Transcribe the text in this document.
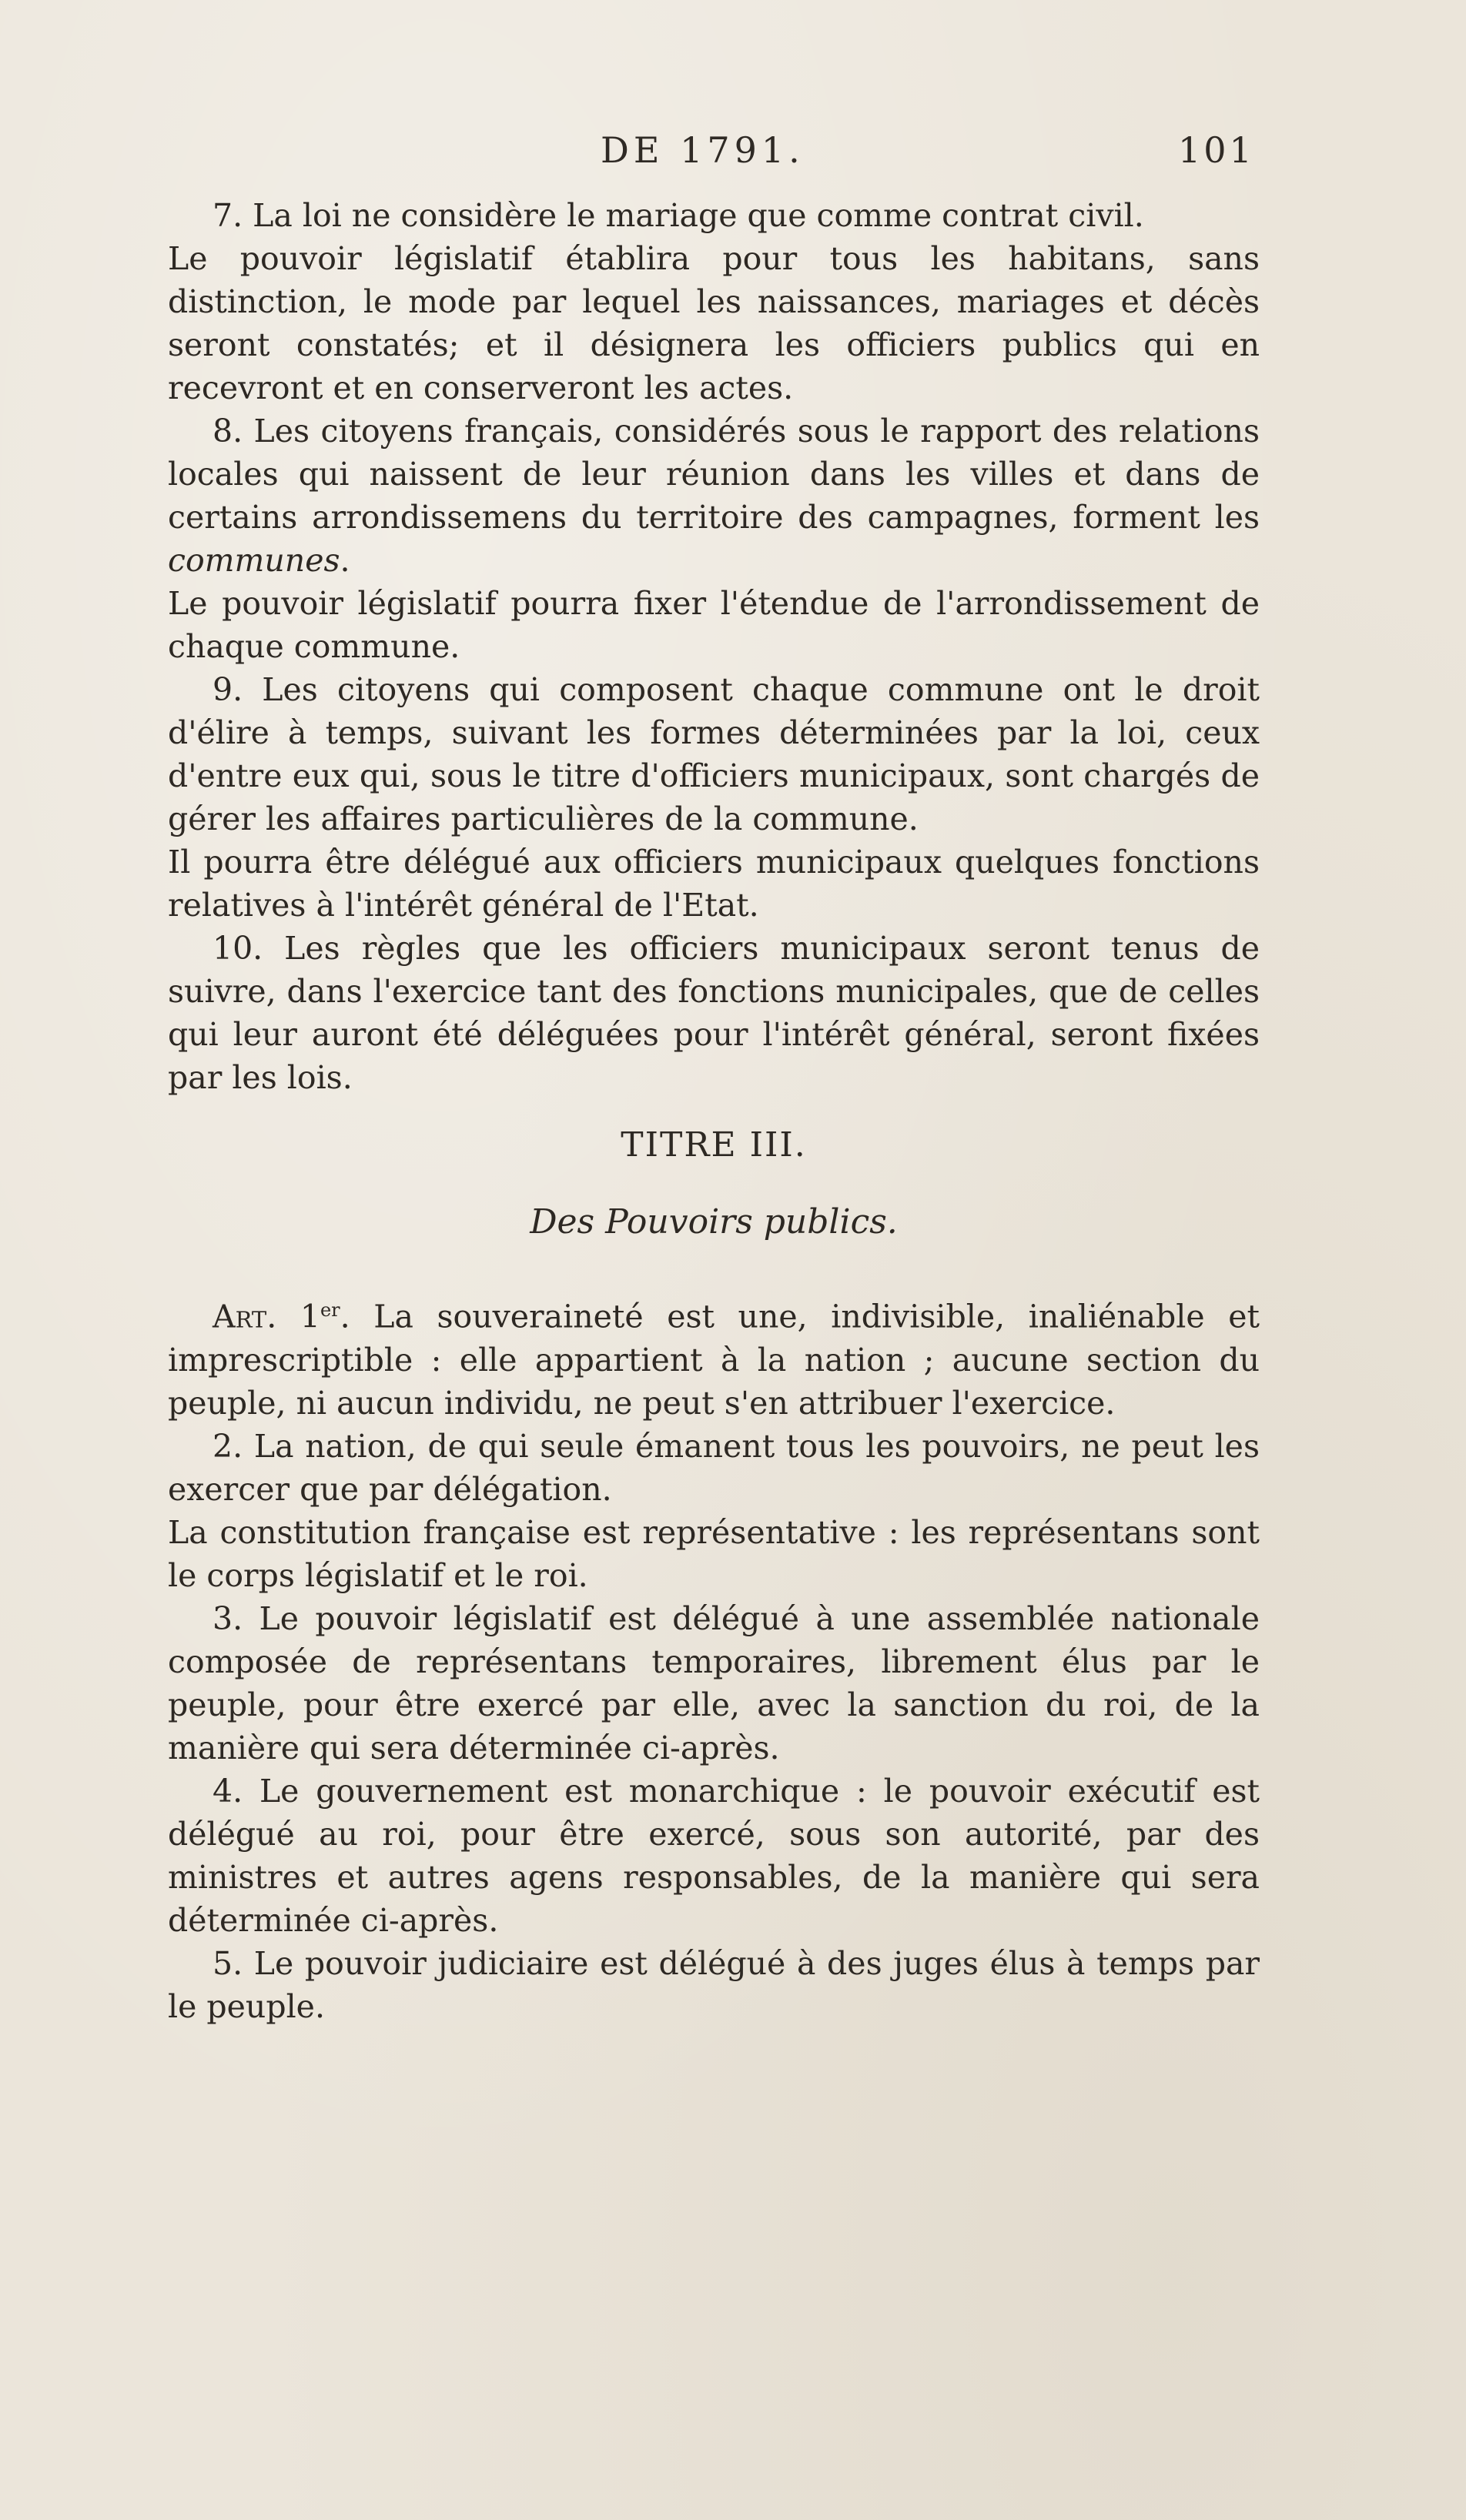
DE 1791.	101

7. La loi ne considère le mariage que comme contrat civil.

Le pouvoir législatif établira pour tous les habitans, sans distinction, le mode par lequel les naissances, mariages et décès seront constatés; et il désignera les officiers publics qui en recevront et en conserveront les actes.

8. Les citoyens français, considérés sous le rapport des relations locales qui naissent de leur réunion dans les villes et dans de certains arrondissemens du territoire des campagnes, forment les communes.

Le pouvoir législatif pourra fixer l'étendue de l'arrondissement de chaque commune.

9. Les citoyens qui composent chaque commune ont le droit d'élire à temps, suivant les formes déterminées par la loi, ceux d'entre eux qui, sous le titre d'officiers municipaux, sont chargés de gérer les affaires particulières de la commune.

Il pourra être délégué aux officiers municipaux quelques fonctions relatives à l'intérêt général de l'Etat.

10. Les règles que les officiers municipaux seront tenus de suivre, dans l'exercice tant des fonctions municipales, que de celles qui leur auront été déléguées pour l'intérêt général, seront fixées par les lois.

TITRE III.
Des Pouvoirs publics.

Art. 1er. La souveraineté est une, indivisible, inaliénable et imprescriptible : elle appartient à la nation ; aucune section du peuple, ni aucun individu, ne peut s'en attribuer l'exercice.

2. La nation, de qui seule émanent tous les pouvoirs, ne peut les exercer que par délégation.

La constitution française est représentative : les représentans sont le corps législatif et le roi.

3. Le pouvoir législatif est délégué à une assemblée nationale composée de représentans temporaires, librement élus par le peuple, pour être exercé par elle, avec la sanction du roi, de la manière qui sera déterminée ci-après.

4. Le gouvernement est monarchique : le pouvoir exécutif est délégué au roi, pour être exercé, sous son autorité, par des ministres et autres agens responsables, de la manière qui sera déterminée ci-après.

5. Le pouvoir judiciaire est délégué à des juges élus à temps par le peuple.
